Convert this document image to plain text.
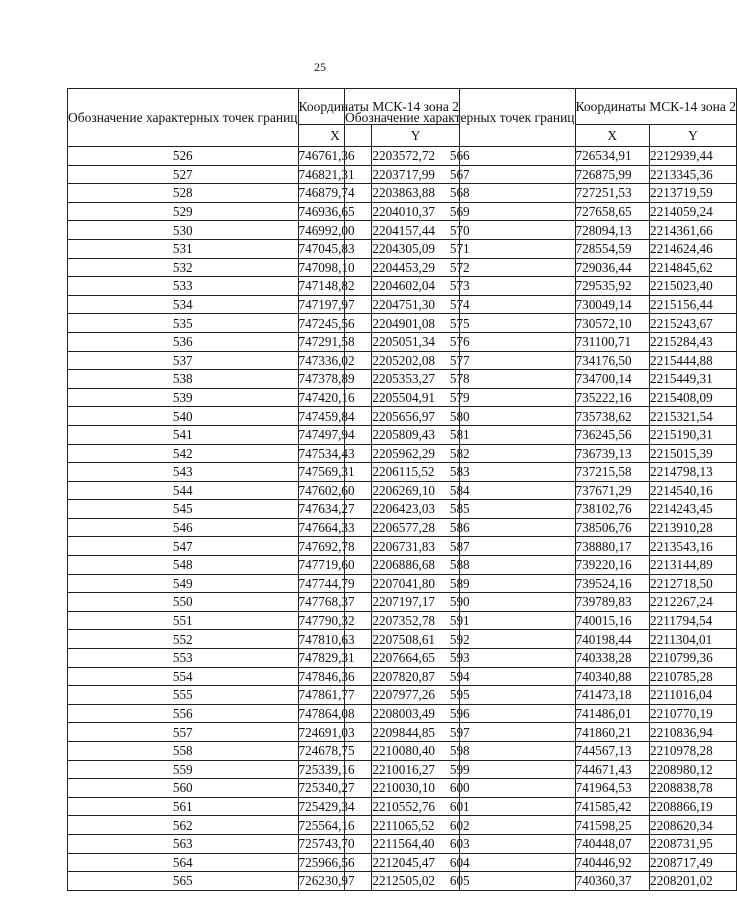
25
Обозначение характерных точек границ	Координаты МСК-14 зона 2	
	X	Y
526	746761,36	2203572,72
527	746821,31	2203717,99
528	746879,74	2203863,88
529	746936,65	2204010,37
530	746992,00	2204157,44
531	747045,83	2204305,09
532	747098,10	2204453,29
533	747148,82	2204602,04
534	747197,97	2204751,30
535	747245,56	2204901,08
536	747291,58	2205051,34
537	747336,02	2205202,08
538	747378,89	2205353,27
539	747420,16	2205504,91
540	747459,84	2205656,97
541	747497,94	2205809,43
542	747534,43	2205962,29
543	747569,31	2206115,52
544	747602,60	2206269,10
545	747634,27	2206423,03
546	747664,33	2206577,28
547	747692,78	2206731,83
548	747719,60	2206886,68
549	747744,79	2207041,80
550	747768,37	2207197,17
551	747790,32	2207352,78
552	747810,63	2207508,61
553	747829,31	2207664,65
554	747846,36	2207820,87
555	747861,77	2207977,26
556	747864,08	2208003,49
557	724691,03	2209844,85
558	724678,75	2210080,40
559	725339,16	2210016,27
560	725340,27	2210030,10
561	725429,34	2210552,76
562	725564,16	2211065,52
563	725743,70	2211564,40
564	725966,56	2212045,47
565	726230,97	2212505,02
Обозначение характерных точек границ	Координаты МСК-14 зона 2	
	X	Y
566	726534,91	2212939,44
567	726875,99	2213345,36
568	727251,53	2213719,59
569	727658,65	2214059,24
570	728094,13	2214361,66
571	728554,59	2214624,46
572	729036,44	2214845,62
573	729535,92	2215023,40
574	730049,14	2215156,44
575	730572,10	2215243,67
576	731100,71	2215284,43
577	734176,50	2215444,88
578	734700,14	2215449,31
579	735222,16	2215408,09
580	735738,62	2215321,54
581	736245,56	2215190,31
582	736739,13	2215015,39
583	737215,58	2214798,13
584	737671,29	2214540,16
585	738102,76	2214243,45
586	738506,76	2213910,28
587	738880,17	2213543,16
588	739220,16	2213144,89
589	739524,16	2212718,50
590	739789,83	2212267,24
591	740015,16	2211794,54
592	740198,44	2211304,01
593	740338,28	2210799,36
594	740340,88	2210785,28
595	741473,18	2211016,04
596	741486,01	2210770,19
597	741860,21	2210836,94
598	744567,13	2210978,28
599	744671,43	2208980,12
600	741964,53	2208838,78
601	741585,42	2208866,19
602	741598,25	2208620,34
603	740448,07	2208731,95
604	740446,92	2208717,49
605	740360,37	2208201,02
